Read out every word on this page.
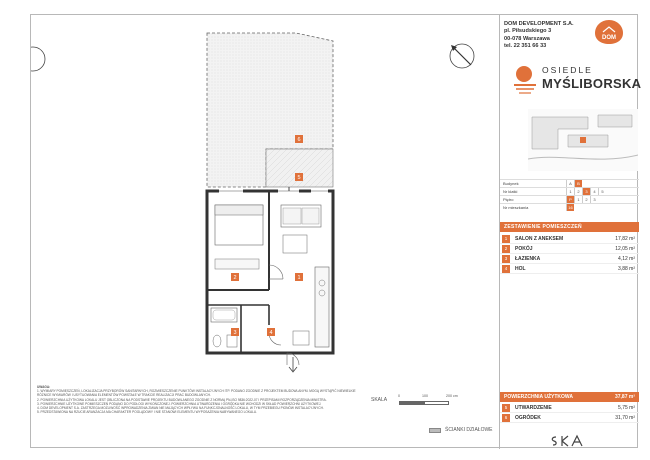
6
5
2	1
3	4
UWAGA:
1. WYMIARY POMIESZCZEŃ, LOKALIZACJA PRZYBORÓW SANITARNYCH, ROZMIESZCZENIE PUNKTÓW INSTALACYJNYCH ITP. PODANO ZGODNIE Z PROJEKTEM BUDOWLANYM. MOGĄ WYSTĄPIĆ NIEWIELKIE RÓŻNICE WYMIARÓW I USYTUOWANIA ELEMENTÓW POWSTAŁE W TRAKCIE REALIZACJI PRAC BUDOWLANYCH.
2. POWIERZCHNIA UŻYTKOWA LOKALU JEST OBLICZONA NA PODSTAWIE PROJEKTU BUDOWLANEGO ZGODNIE Z NORMĄ PN-ISO 9836:2022-07 I PRZEPISAMI ROZPORZĄDZENIA MINISTRA.
3. POWIERZCHNIE UŻYTKOWE POMIESZCZEŃ PODANO DO PODŁOGI WYKOŃCZONEJ. POWIERZCHNIA UTWARDZENIA I OGRÓDKA NIE WCHODZI W SKŁAD POWIERZCHNI UŻYTKOWEJ.
4. DOM DEVELOPMENT S.A. ZASTRZEGA MOŻLIWOŚĆ WPROWADZENIA ZMIAN NIE MAJĄCYCH WPŁYWU NA FUNKCJONALNOŚĆ LOKALU, W TYM PRZEBIEGU PIONÓW INSTALACYJNYCH.
5. PRZEDSTAWIONA NA RZUCIE ARANŻACJA MA CHARAKTER POGLĄDOWY I NIE STANOWI ELEMENTU WYPOSAŻENIA NABYWANEGO LOKALU.
SKALA
0	100	200 cm
ŚCIANKI DZIAŁOWE
DOM DEVELOPMENT S.A.
pl. Piłsudskiego 3
00-078 Warszawa
tel. 22 351 66 33
DOM
OSIEDLE
MYŚLIBORSKA
Budynek	A	B
Nr klatki	1	2	3	4	5
Piętro	P	1	2	3
Nr mieszkania	16
ZESTAWIENIE POMIESZCZEŃ
1	SALON Z ANEKSEM	17,82 m²
2	POKÓJ	12,05 m²
3	ŁAZIENKA	4,12 m²
4	HOL	3,88 m²
POWIERZCHNIA UŻYTKOWA	37,87 m²
5	UTWARDZENIE	5,75 m²
6	OGRÓDEK	31,70 m²
